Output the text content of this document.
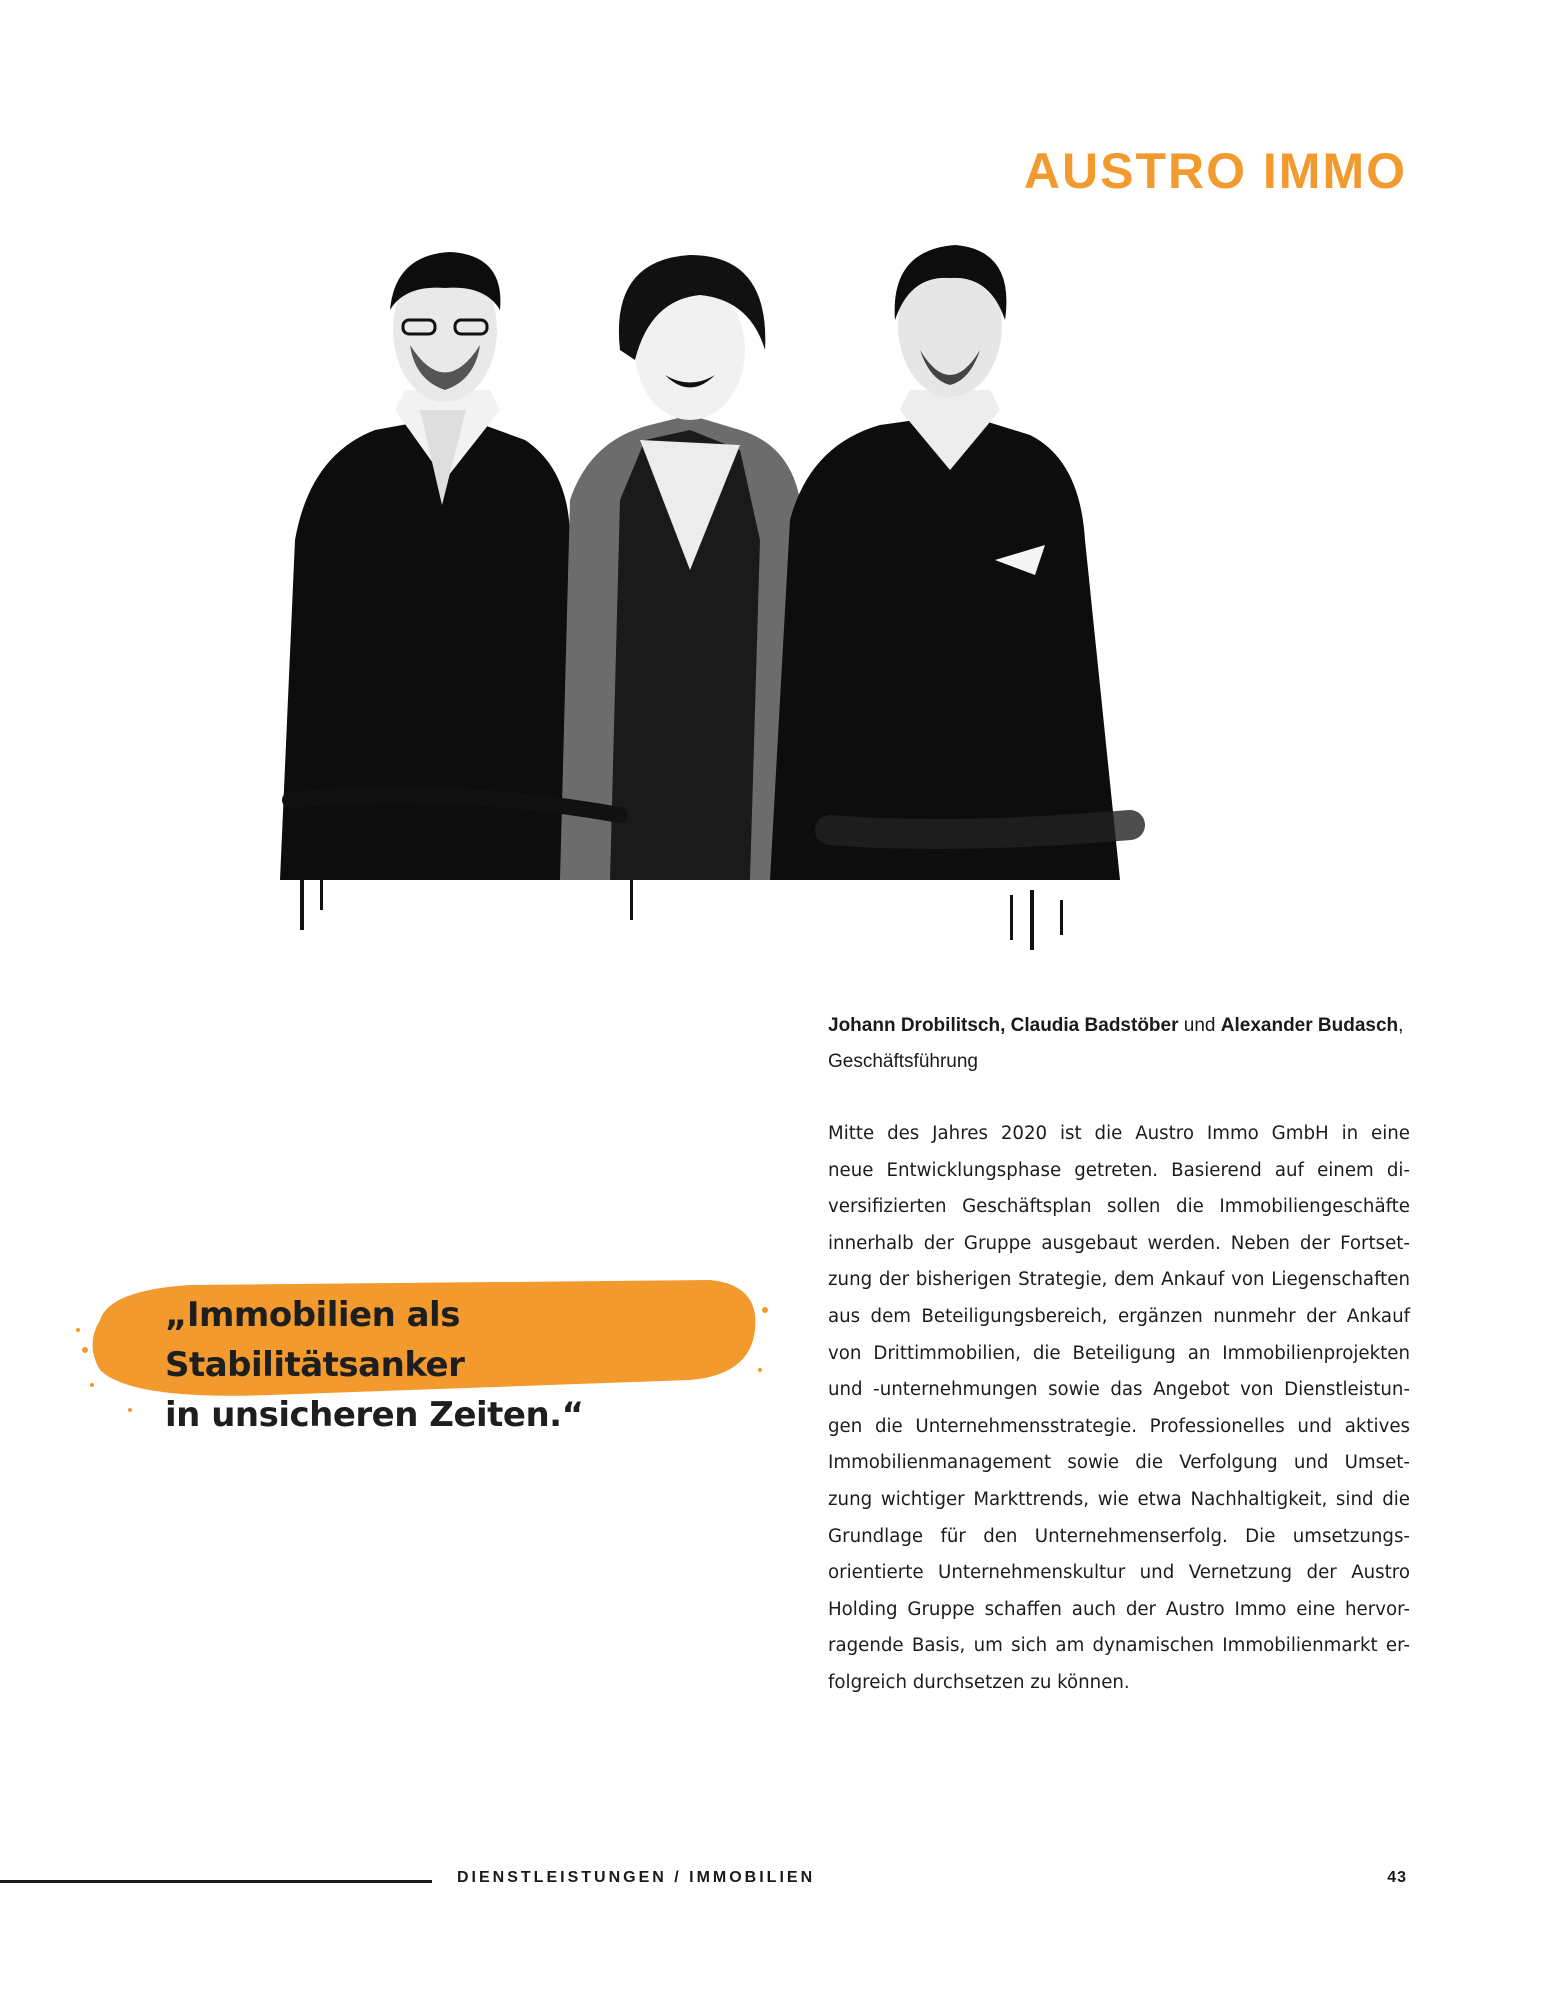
AUSTRO IMMO
Johann Drobilitsch, Claudia Badstöber und Alexander Budasch,
Geschäftsführung
Mitte des Jahres 2020 ist die Austro Immo GmbH in eine
neue Entwicklungsphase getreten. Basierend auf einem di-
versifizierten Geschäftsplan sollen die Immobiliengeschäfte
innerhalb der Gruppe ausgebaut werden. Neben der Fortset-
zung der bisherigen Strategie, dem Ankauf von Liegenschaften
aus dem Beteiligungsbereich, ergänzen nunmehr der Ankauf
von Drittimmobilien, die Beteiligung an Immobilienprojekten
und -unternehmungen sowie das Angebot von Dienstleistun-
gen die Unternehmensstrategie. Professionelles und aktives
Immobilienmanagement sowie die Verfolgung und Umset-
zung wichtiger Markttrends, wie etwa Nachhaltigkeit, sind die
Grundlage für den Unternehmenserfolg. Die umsetzungs-
orientierte Unternehmenskultur und Vernetzung der Austro
Holding Gruppe schaffen auch der Austro Immo eine hervor-
ragende Basis, um sich am dynamischen Immobilienmarkt er-
folgreich durchsetzen zu können.
„Immobilien als Stabilitätsanker
in unsicheren Zeiten.“
DIENSTLEISTUNGEN / IMMOBILIEN	43
